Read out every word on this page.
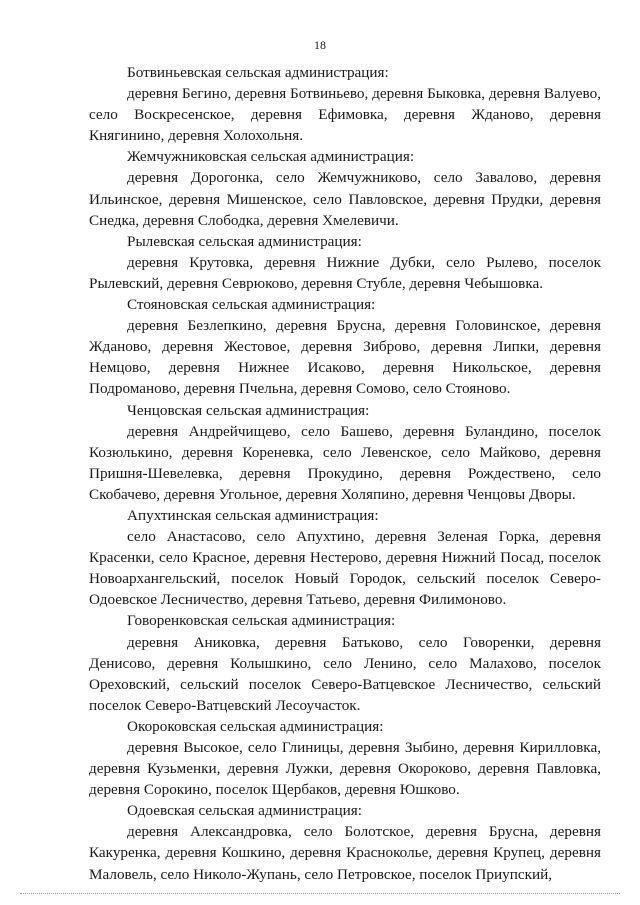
18

Ботвиньевская сельская администрация:

деревня Бегино, деревня Ботвиньево, деревня Быковка, деревня Валуево, село Воскресенское, деревня Ефимовка, деревня Жданово, деревня Княгинино, деревня Холохольня.

Жемчужниковская сельская администрация:

деревня Дорогонка, село Жемчужниково, село Завалово, деревня Ильинское, деревня Мишенское, село Павловское, деревня Прудки, деревня Снедка, деревня Слободка, деревня Хмелевичи.

Рылевская сельская администрация:

деревня Крутовка, деревня Нижние Дубки, село Рылево, поселок Рылевский, деревня Севрюково, деревня Стубле, деревня Чебышовка.

Стояновская сельская администрация:

деревня Безлепкино, деревня Брусна, деревня Головинское, деревня Жданово, деревня Жестовое, деревня Зиброво, деревня Липки, деревня Немцово, деревня Нижнее Исаково, деревня Никольское, деревня Подроманово, деревня Пчельна, деревня Сомово, село Стояново.

Ченцовская сельская администрация:

деревня Андрейчищево, село Башево, деревня Буландино, поселок Козюлькино, деревня Кореневка, село Левенское, село Майково, деревня Пришня-Шевелевка, деревня Прокудино, деревня Рождествено, село Скобачево, деревня Угольное, деревня Холяпино, деревня Ченцовы Дворы.

Апухтинская сельская администрация:

село Анастасово, село Апухтино, деревня Зеленая Горка, деревня Красенки, село Красное, деревня Нестерово, деревня Нижний Посад, поселок Новоархангельский, поселок Новый Городок, сельский поселок Северо-Одоевское Лесничество, деревня Татьево, деревня Филимоново.

Говоренковская сельская администрация:

деревня Аниковка, деревня Батьково, село Говоренки, деревня Денисово, деревня Колышкино, село Ленино, село Малахово, поселок Ореховский, сельский поселок Северо-Ватцевское Лесничество, сельский поселок Северо-Ватцевский Лесоучасток.

Окороковская сельская администрация:

деревня Высокое, село Глиницы, деревня Зыбино, деревня Кирилловка, деревня Кузьменки, деревня Лужки, деревня Окороково, деревня Павловка, деревня Сорокино, поселок Щербаков, деревня Юшково.

Одоевская сельская администрация:

деревня Александровка, село Болотское, деревня Брусна, деревня Какуренка, деревня Кошкино, деревня Краснокольe, деревня Крупец, деревня Маловель, село Николо-Жупань, село Петровское, поселок Приупский,
